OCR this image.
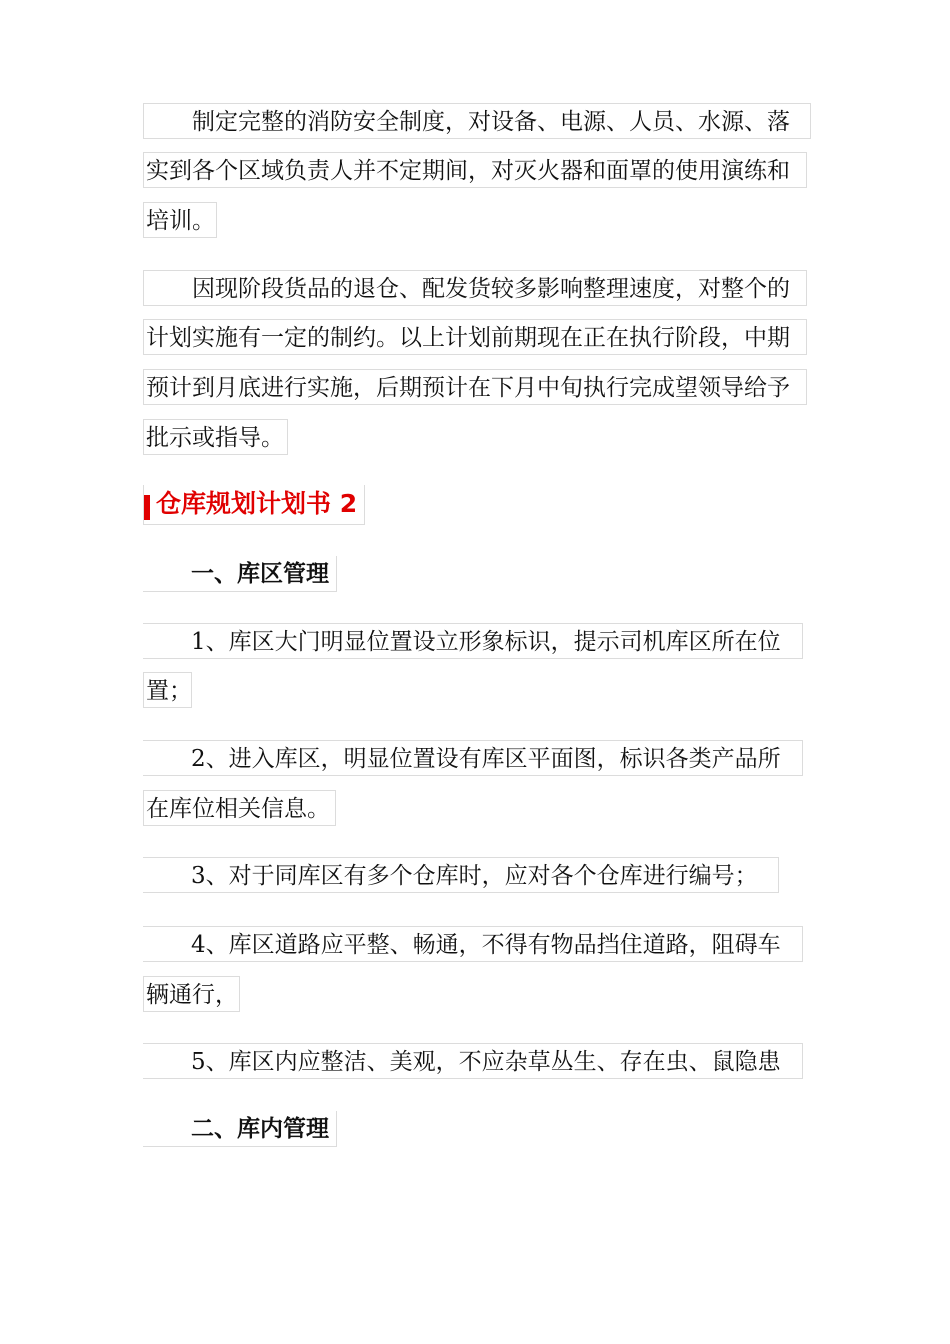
制定完整的消防安全制度，对设备、电源、人员、水源、落
实到各个区域负责人并不定期间，对灭火器和面罩的使用演练和
培训。
因现阶段货品的退仓、配发货较多影响整理速度，对整个的
计划实施有一定的制约。以上计划前期现在正在执行阶段，中期
预计到月底进行实施，后期预计在下月中旬执行完成望领导给予
批示或指导。
仓库规划计划书 2
一、库区管理
1、库区大门明显位置设立形象标识，提示司机库区所在位
置；
2、进入库区，明显位置设有库区平面图，标识各类产品所
在库位相关信息。
3、对于同库区有多个仓库时，应对各个仓库进行编号；
4、库区道路应平整、畅通，不得有物品挡住道路，阻碍车
辆通行，
5、库区内应整洁、美观，不应杂草丛生、存在虫、鼠隐患
二、库内管理
